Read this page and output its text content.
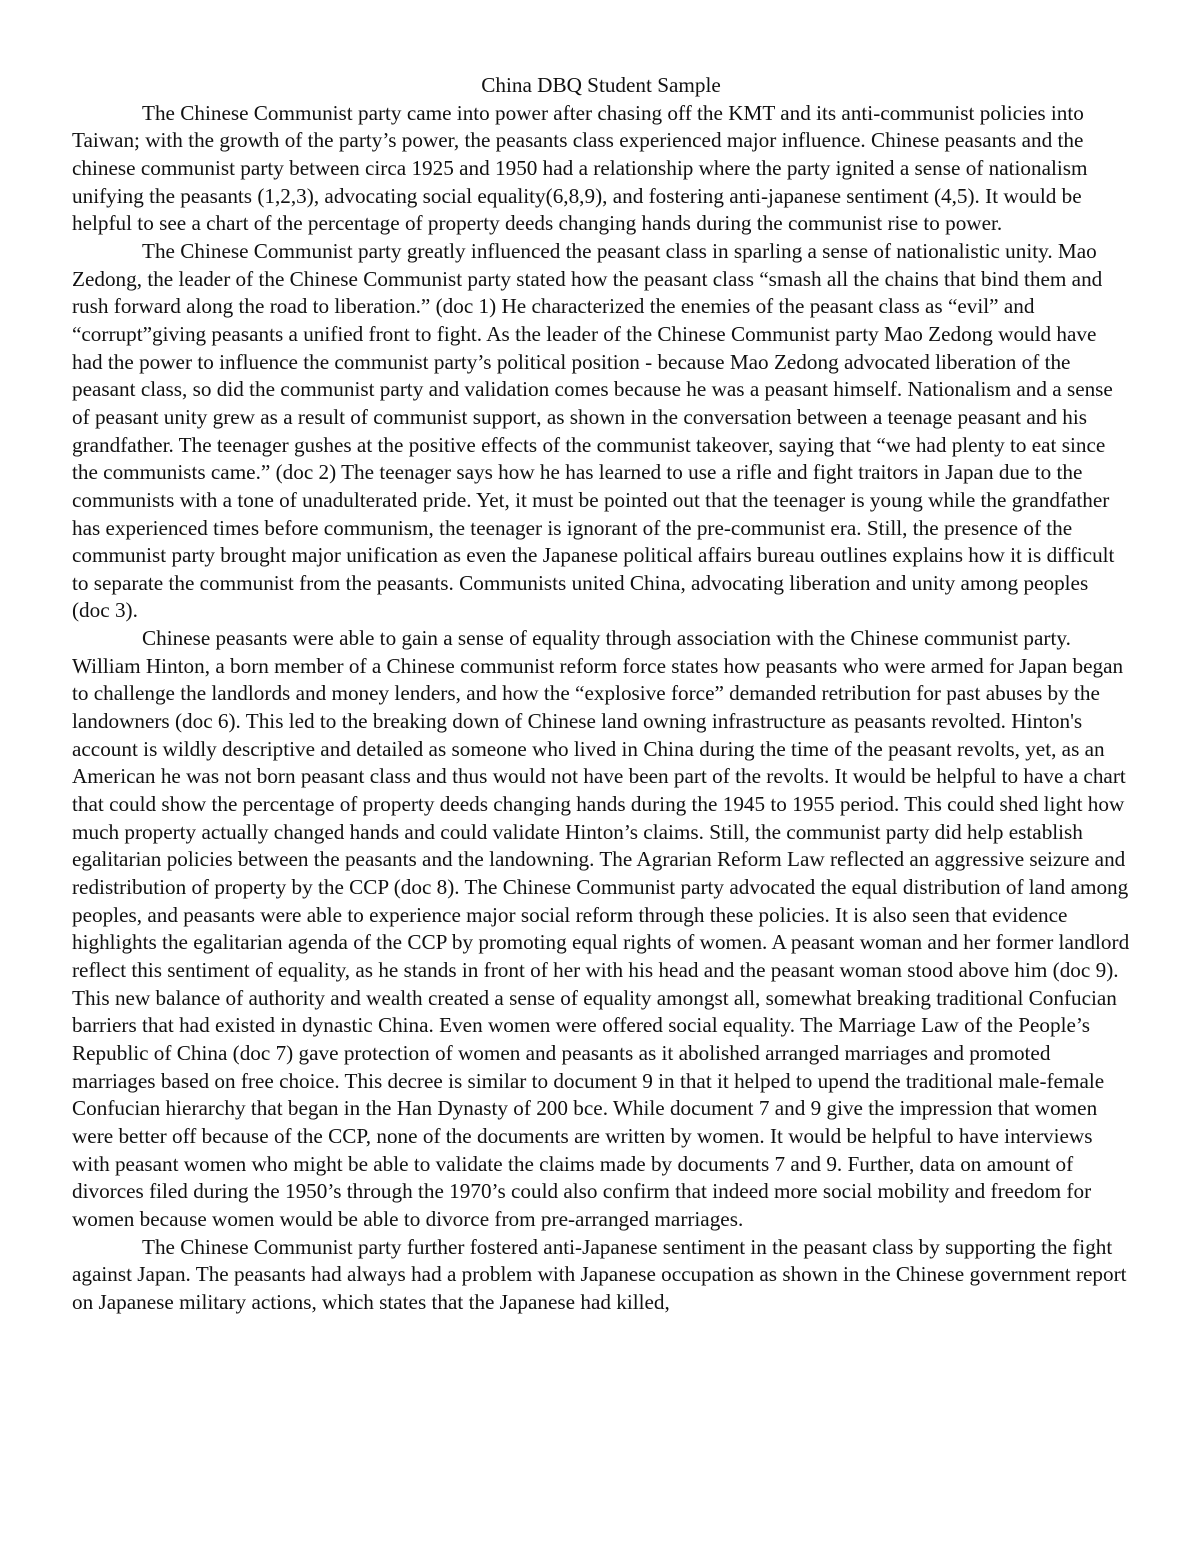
China DBQ Student Sample

The Chinese Communist party came into power after chasing off the KMT and its anti-communist policies into Taiwan; with the growth of the party’s power, the peasants class experienced major influence. Chinese peasants and the chinese communist party between circa 1925 and 1950 had a relationship where the party ignited a sense of nationalism unifying the peasants (1,2,3), advocating social equality(6,8,9), and fostering anti-japanese sentiment (4,5). It would be helpful to see a chart of the percentage of property deeds changing hands during the communist rise to power.

The Chinese Communist party greatly influenced the peasant class in sparling a sense of nationalistic unity. Mao Zedong, the leader of the Chinese Communist party stated how the peasant class “smash all the chains that bind them and rush forward along the road to liberation.” (doc 1) He characterized the enemies of the peasant class as “evil” and “corrupt”giving peasants a unified front to fight. As the leader of the Chinese Communist party Mao Zedong would have had the power to influence the communist party’s political position - because Mao Zedong advocated liberation of the peasant class, so did the communist party and validation comes because he was a peasant himself. Nationalism and a sense of peasant unity grew as a result of communist support, as shown in the conversation between a teenage peasant and his grandfather. The teenager gushes at the positive effects of the communist takeover, saying that “we had plenty to eat since the communists came.” (doc 2) The teenager says how he has learned to use a rifle and fight traitors in Japan due to the communists with a tone of unadulterated pride. Yet, it must be pointed out that the teenager is young while the grandfather has experienced times before communism, the teenager is ignorant of the pre-communist era. Still, the presence of the communist party brought major unification as even the Japanese political affairs bureau outlines explains how it is difficult to separate the communist from the peasants. Communists united China, advocating liberation and unity among peoples (doc 3).

Chinese peasants were able to gain a sense of equality through association with the Chinese communist party. William Hinton, a born member of a Chinese communist reform force states how peasants who were armed for Japan began to challenge the landlords and money lenders, and how the “explosive force” demanded retribution for past abuses by the landowners (doc 6). This led to the breaking down of Chinese land owning infrastructure as peasants revolted. Hinton's account is wildly descriptive and detailed as someone who lived in China during the time of the peasant revolts, yet, as an American he was not born peasant class and thus would not have been part of the revolts. It would be helpful to have a chart that could show the percentage of property deeds changing hands during the 1945 to 1955 period. This could shed light how much property actually changed hands and could validate Hinton’s claims. Still, the communist party did help establish egalitarian policies between the peasants and the landowning. The Agrarian Reform Law reflected an aggressive seizure and redistribution of property by the CCP (doc 8). The Chinese Communist party advocated the equal distribution of land among peoples, and peasants were able to experience major social reform through these policies. It is also seen that evidence highlights the egalitarian agenda of the CCP by promoting equal rights of women. A peasant woman and her former landlord reflect this sentiment of equality, as he stands in front of her with his head and the peasant woman stood above him (doc 9). This new balance of authority and wealth created a sense of equality amongst all, somewhat breaking traditional Confucian barriers that had existed in dynastic China. Even women were offered social equality. The Marriage Law of the People’s Republic of China (doc 7) gave protection of women and peasants as it abolished arranged marriages and promoted marriages based on free choice. This decree is similar to document 9 in that it helped to upend the traditional male-female Confucian hierarchy that began in the Han Dynasty of 200 bce. While document 7 and 9 give the impression that women were better off because of the CCP, none of the documents are written by women. It would be helpful to have interviews with peasant women who might be able to validate the claims made by documents 7 and 9. Further, data on amount of divorces filed during the 1950’s through the 1970’s could also confirm that indeed more social mobility and freedom for women because women would be able to divorce from pre-arranged marriages.

The Chinese Communist party further fostered anti-Japanese sentiment in the peasant class by supporting the fight against Japan. The peasants had always had a problem with Japanese occupation as shown in the Chinese government report on Japanese military actions, which states that the Japanese had killed,
